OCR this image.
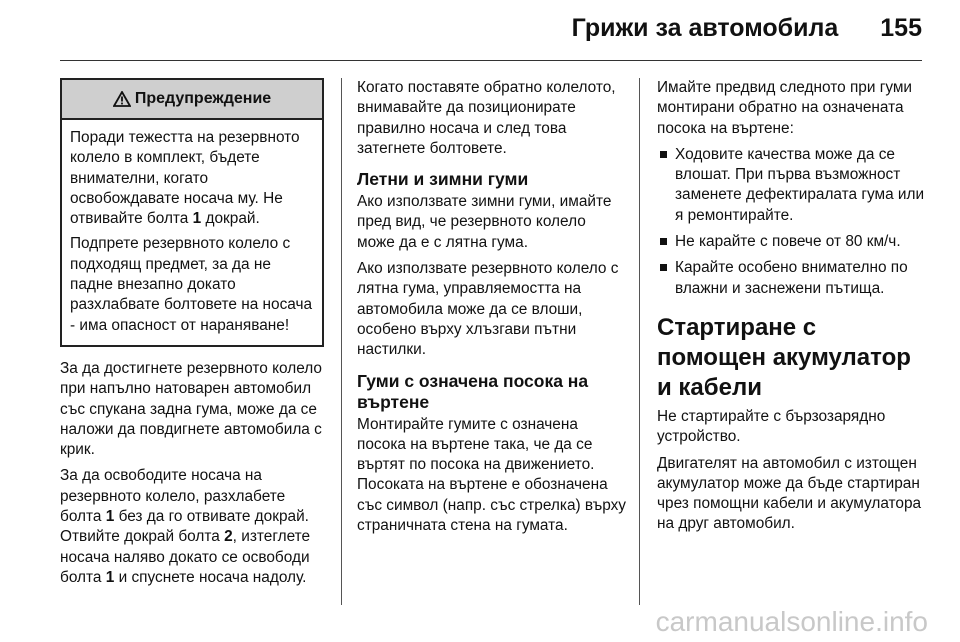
Грижи за автомобила 155
Предупреждение

Поради тежестта на резервното колело в комплект, бъдете внимателни, когато освобождавате носача му. Не отвивайте болта 1 докрай.

Подпрете резервното колело с подходящ предмет, за да не падне внезапно докато разхлабвате болтовете на носача - има опасност от нараняване!

За да достигнете резервното колело при напълно натоварен автомобил със спукана задна гума, може да се наложи да повдигнете автомобила с крик.

За да освободите носача на резервното колело, разхлабете болта 1 без да го отвивате докрай. Отвийте докрай болта 2, изтеглете носача наляво докато се освободи болта 1 и спуснете носача надолу.

Когато поставяте обратно колелото, внимавайте да позиционирате правилно носача и след това затегнете болтовете.

Летни и зимни гуми

Ако използвате зимни гуми, имайте пред вид, че резервното колело може да е с лятна гума.

Ако използвате резервното колело с лятна гума, управляемостта на автомобила може да се влоши, особено върху хлъзгави пътни настилки.

Гуми с означена посока на въртене

Монтирайте гумите с означена посока на въртене така, че да се въртят по посока на движението. Посоката на въртене е обозначена със символ (напр. със стрелка) върху страничната стена на гумата.

Имайте предвид следното при гуми монтирани обратно на означената посока на въртене:

Ходовите качества може да се влошат. При първа възможност заменете дефектиралата гума или я ремонтирайте.
Не карайте с повече от 80 км/ч.
Карайте особено внимателно по влажни и заснежени пътища.
Стартиране с помощен акумулатор и кабели

Не стартирайте с бързозарядно устройство.

Двигателят на автомобил с изтощен акумулатор може да бъде стартиран чрез помощни кабели и акумулатора на друг автомобил.

carmanualsonline.info
